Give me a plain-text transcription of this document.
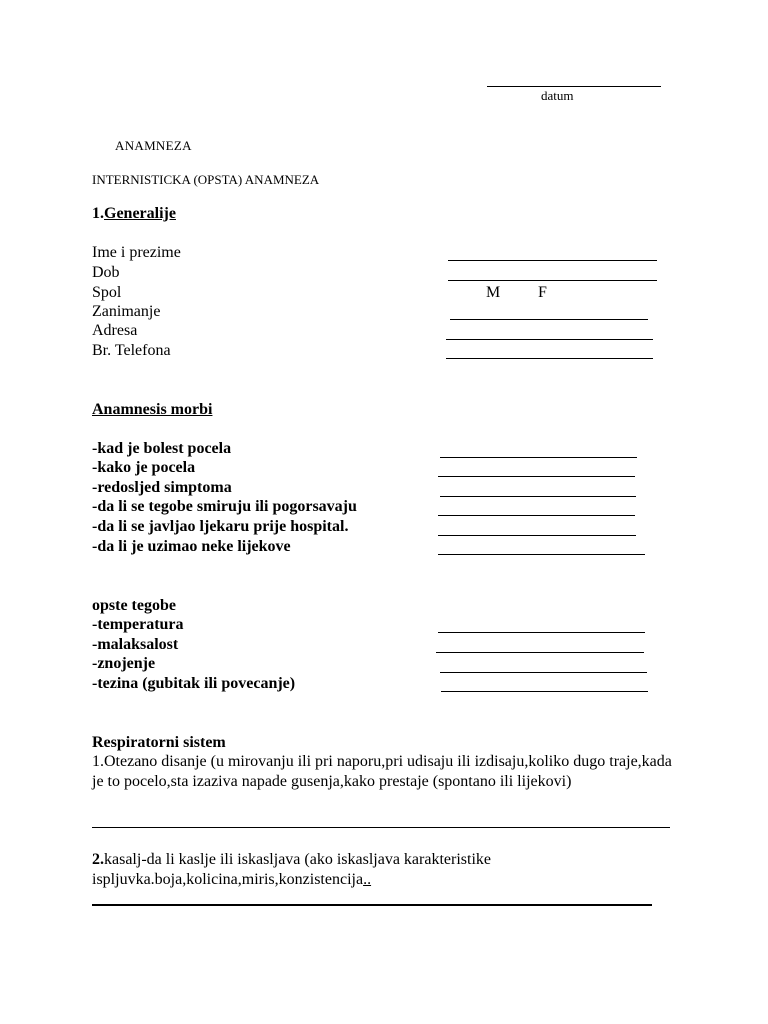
datum
ANAMNEZA
INTERNISTICKA (OPSTA) ANAMNEZA
1.Generalije
Ime i prezime
Dob
Spol	M F
Zanimanje
Adresa
Br. Telefona
Anamnesis morbi
-kad je bolest pocela
-kako je pocela
-redosljed simptoma
-da li se tegobe smiruju ili pogorsavaju
-da li se javljao ljekaru prije hospital.
-da li je uzimao neke lijekove
opste tegobe
-temperatura
-malaksalost
-znojenje
-tezina (gubitak ili povecanje)
Respiratorni sistem
1.Otezano disanje (u mirovanju ili pri naporu,pri udisaju ili izdisaju,koliko dugo traje,kada je to pocelo,sta izaziva napade gusenja,kako prestaje (spontano ili lijekovi)
2.kasalj-da li kaslje ili iskasljava (ako iskasljava karakteristike ispljuvka.boja,kolicina,miris,konzistencija..
